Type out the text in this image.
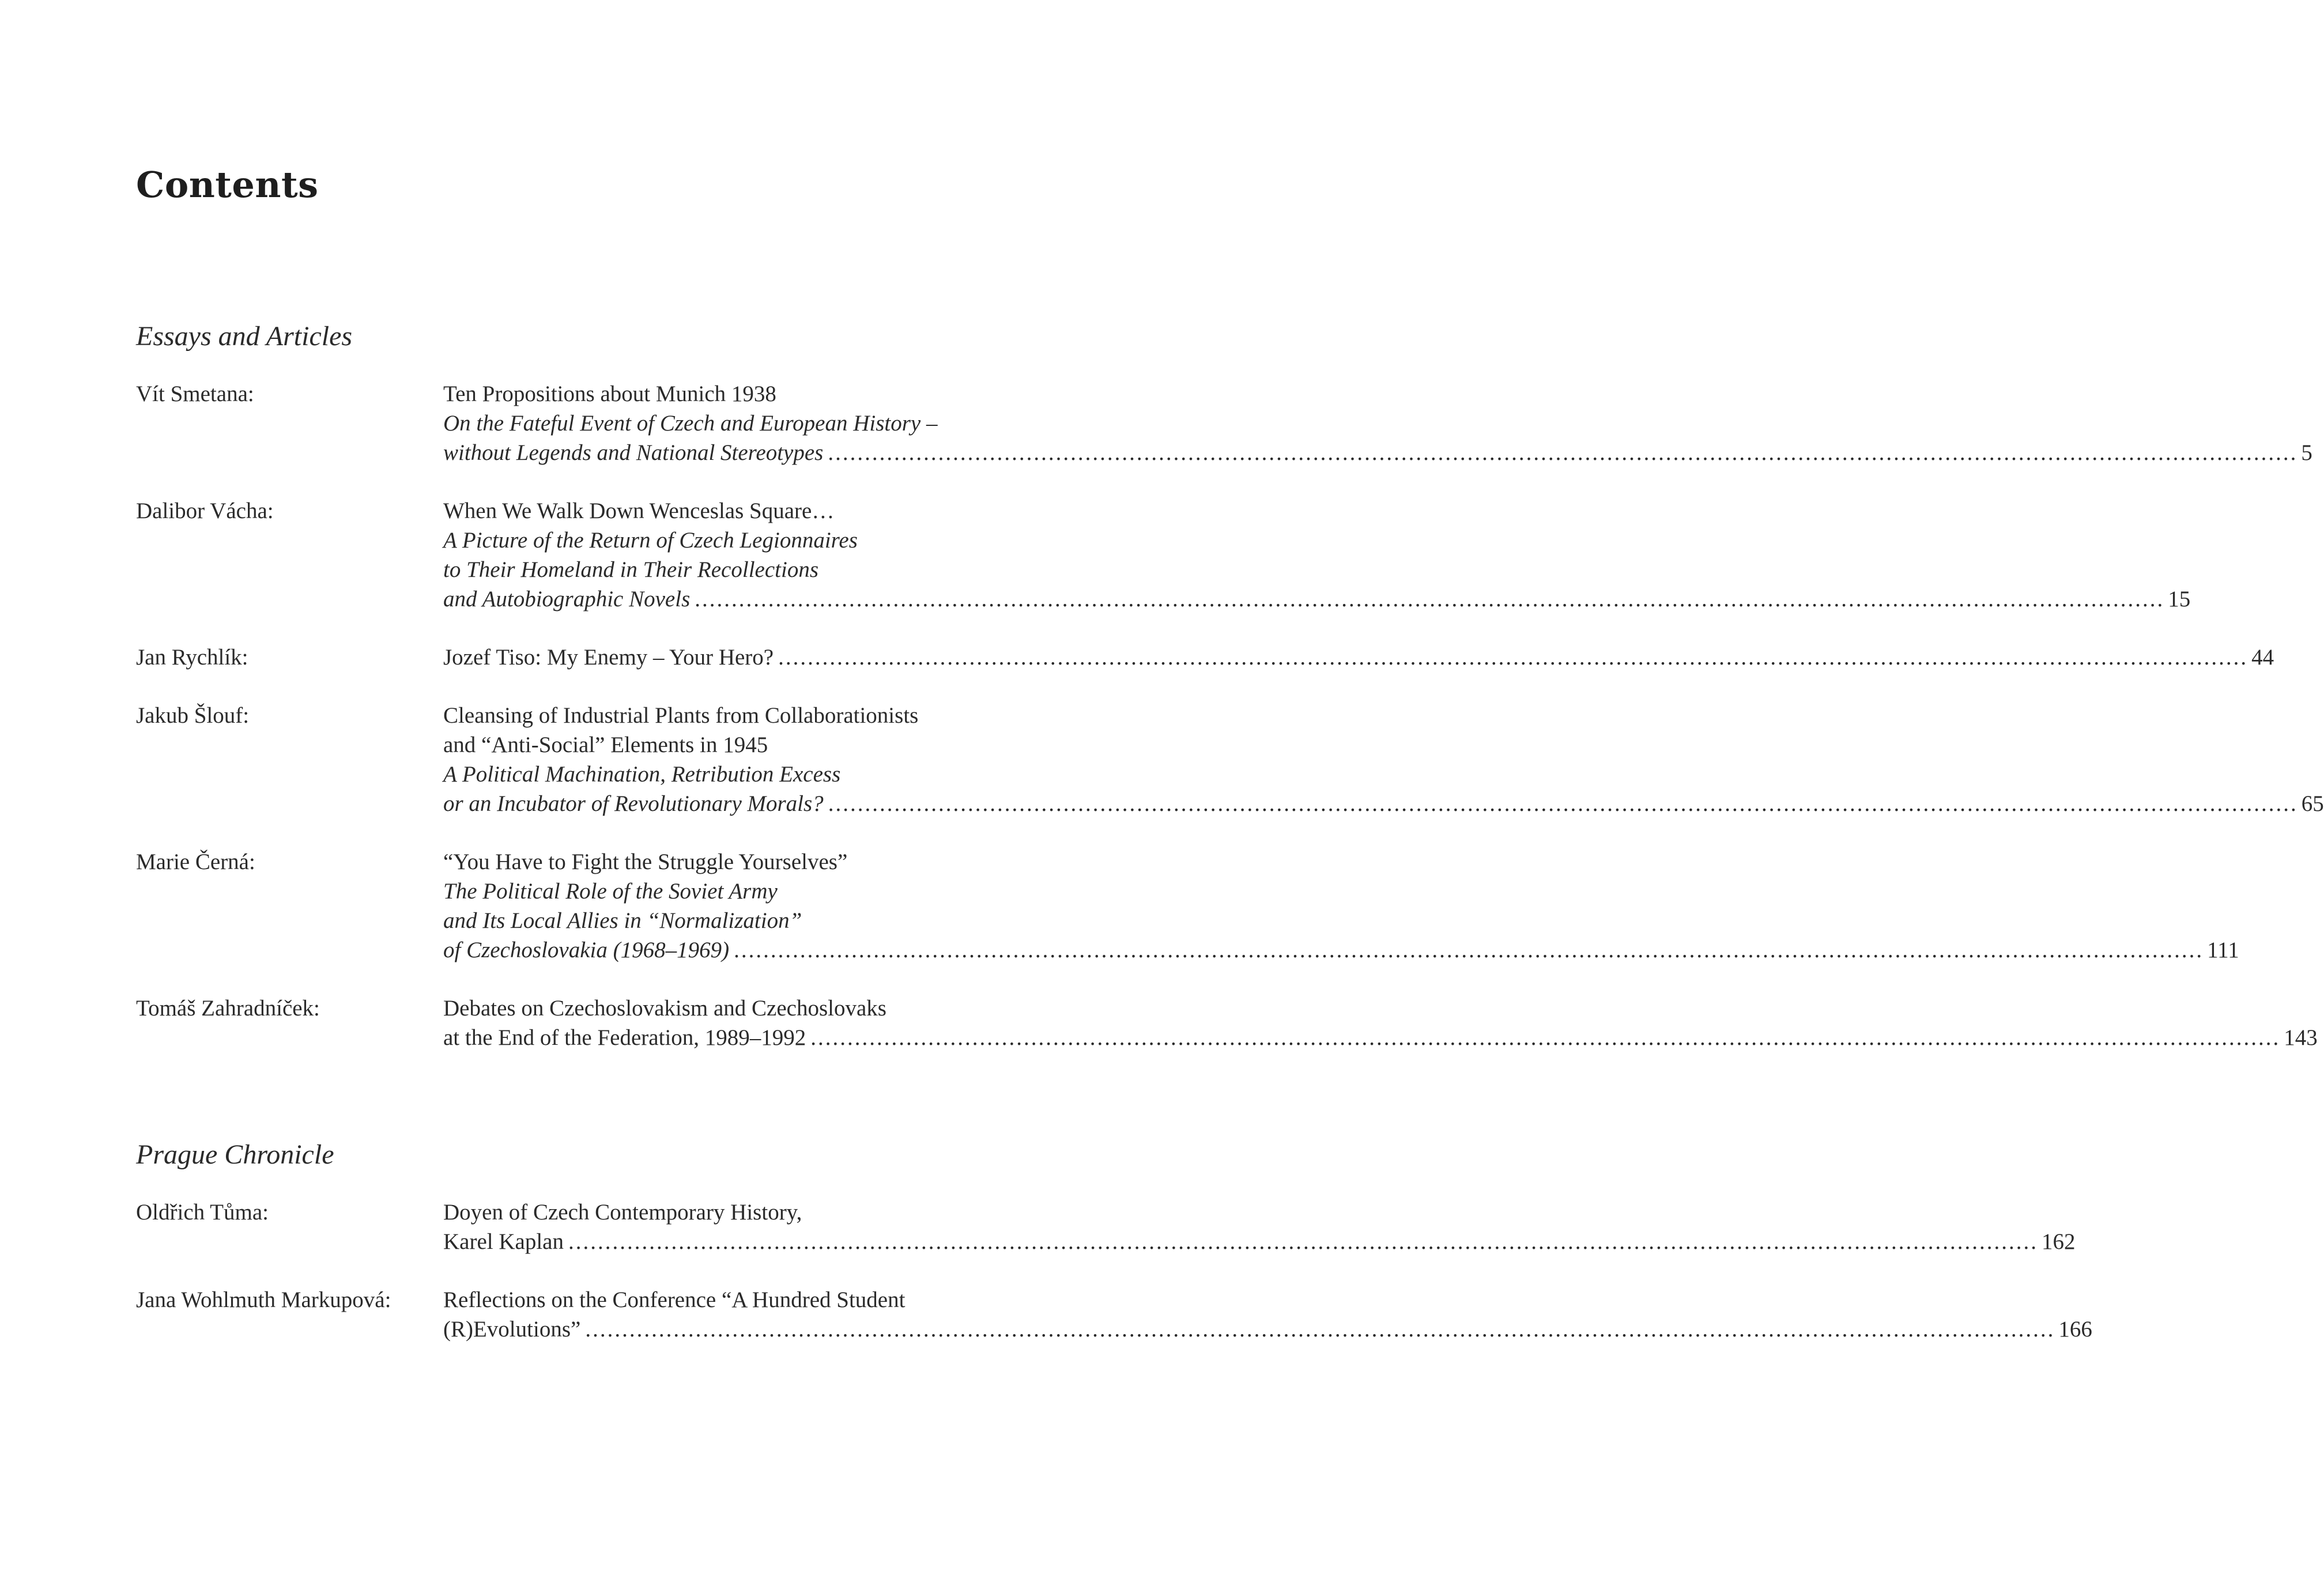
Contents
Essays and Articles
Vít Smetana:	Ten Propositions about Munich 1938
On the Fateful Event of Czech and European History –
without Legends and National Stereotypes ........................................................................................................................................................................................................ 5
Dalibor Vácha:	When We Walk Down Wenceslas Square…
A Picture of the Return of Czech Legionnaires
to Their Homeland in Their Recollections
and Autobiographic Novels ........................................................................................................................................................................................................ 15
Jan Rychlík:	Jozef Tiso: My Enemy – Your Hero? ........................................................................................................................................................................................................ 44
Jakub Šlouf:	Cleansing of Industrial Plants from Collaborationists
and “Anti-Social” Elements in 1945
A Political Machination, Retribution Excess
or an Incubator of Revolutionary Morals? ........................................................................................................................................................................................................ 65
Marie Černá:	“You Have to Fight the Struggle Yourselves”
The Political Role of the Soviet Army
and Its Local Allies in “Normalization”
of Czechoslovakia (1968–1969) ........................................................................................................................................................................................................ 111
Tomáš Zahradníček:	Debates on Czechoslovakism and Czechoslovaks
at the End of the Federation, 1989–1992 ........................................................................................................................................................................................................ 143
Prague Chronicle
Oldřich Tůma:	Doyen of Czech Contemporary History,
Karel Kaplan ........................................................................................................................................................................................................ 162
Jana Wohlmuth Markupová:	Reflections on the Conference “A Hundred Student
(R)Evolutions” ........................................................................................................................................................................................................ 166
